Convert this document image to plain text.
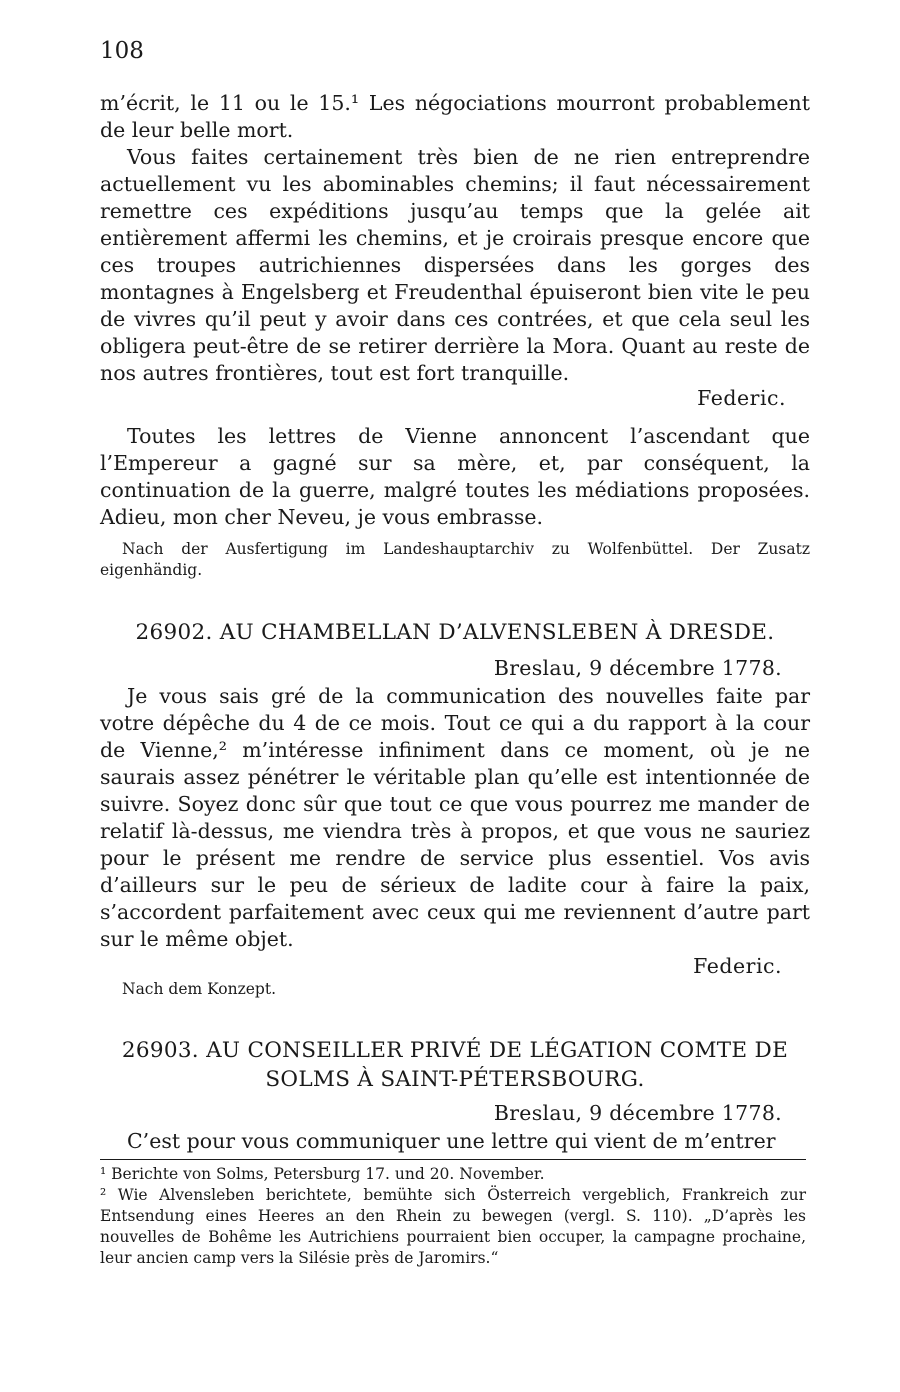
108

m’écrit, le 11 ou le 15.¹ Les négociations mourront probablement de leur belle mort.

Vous faites certainement très bien de ne rien entreprendre actuellement vu les abominables chemins; il faut nécessairement remettre ces expéditions jusqu’au temps que la gelée ait entièrement affermi les chemins, et je croirais presque encore que ces troupes autrichiennes dispersées dans les gorges des montagnes à Engelsberg et Freudenthal épuiseront bien vite le peu de vivres qu’il peut y avoir dans ces contrées, et que cela seul les obligera peut-être de se retirer derrière la Mora. Quant au reste de nos autres frontières, tout est fort tranquille.

Federic.

Toutes les lettres de Vienne annoncent l’ascendant que l’Empereur a gagné sur sa mère, et, par conséquent, la continuation de la guerre, malgré toutes les médiations proposées. Adieu, mon cher Neveu, je vous embrasse.

Nach der Ausfertigung im Landeshauptarchiv zu Wolfenbüttel. Der Zusatz eigenhändig.

26902. AU CHAMBELLAN D’ALVENSLEBEN À DRESDE.
Breslau, 9 décembre 1778.

Je vous sais gré de la communication des nouvelles faite par votre dépêche du 4 de ce mois. Tout ce qui a du rapport à la cour de Vienne,² m’intéresse infiniment dans ce moment, où je ne saurais assez pénétrer le véritable plan qu’elle est intentionnée de suivre. Soyez donc sûr que tout ce que vous pourrez me mander de relatif là-dessus, me viendra très à propos, et que vous ne sauriez pour le présent me rendre de service plus essentiel. Vos avis d’ailleurs sur le peu de sérieux de ladite cour à faire la paix, s’accordent parfaitement avec ceux qui me reviennent d’autre part sur le même objet.

Federic.

Nach dem Konzept.

26903. AU CONSEILLER PRIVÉ DE LÉGATION COMTE DE
SOLMS À SAINT-PÉTERSBOURG.
Breslau, 9 décembre 1778.

C’est pour vous communiquer une lettre qui vient de m’entrer

¹ Berichte von Solms, Petersburg 17. und 20. November.

² Wie Alvensleben berichtete, bemühte sich Österreich vergeblich, Frankreich zur Entsendung eines Heeres an den Rhein zu bewegen (vergl. S. 110). „D’après les nouvelles de Bohême les Autrichiens pourraient bien occuper, la campagne prochaine, leur ancien camp vers la Silésie près de Jaromirs.“
